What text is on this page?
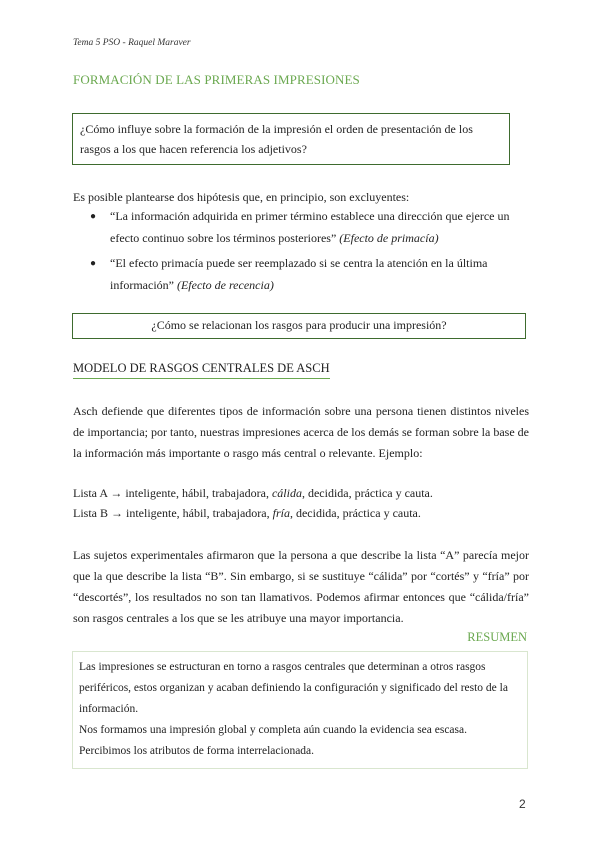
Tema 5 PSO - Raquel Maraver
FORMACIÓN DE LAS PRIMERAS IMPRESIONES
¿Cómo influye sobre la formación de la impresión el orden de presentación de los rasgos a los que hacen referencia los adjetivos?
Es posible plantearse dos hipótesis que, en principio, son excluyentes:
● “La información adquirida en primer término establece una dirección que ejerce un efecto continuo sobre los términos posteriores” (Efecto de primacía)
● “El efecto primacía puede ser reemplazado si se centra la atención en la última información” (Efecto de recencia)
¿Cómo se relacionan los rasgos para producir una impresión?
MODELO DE RASGOS CENTRALES DE ASCH
Asch defiende que diferentes tipos de información sobre una persona tienen distintos niveles de importancia; por tanto, nuestras impresiones acerca de los demás se forman sobre la base de la información más importante o rasgo más central o relevante. Ejemplo:
Lista A → inteligente, hábil, trabajadora, cálida, decidida, práctica y cauta.
Lista B → inteligente, hábil, trabajadora, fría, decidida, práctica y cauta.
Las sujetos experimentales afirmaron que la persona a que describe la lista “A” parecía mejor que la que describe la lista “B”. Sin embargo, si se sustituye “cálida” por “cortés” y “fría” por “descortés”, los resultados no son tan llamativos. Podemos afirmar entonces que “cálida/fría” son rasgos centrales a los que se les atribuye una mayor importancia.
RESUMEN

Las impresiones se estructuran en torno a rasgos centrales que determinan a otros rasgos periféricos, estos organizan y acaban definiendo la configuración y significado del resto de la información.

Nos formamos una impresión global y completa aún cuando la evidencia sea escasa.

Percibimos los atributos de forma interrelacionada.

2
